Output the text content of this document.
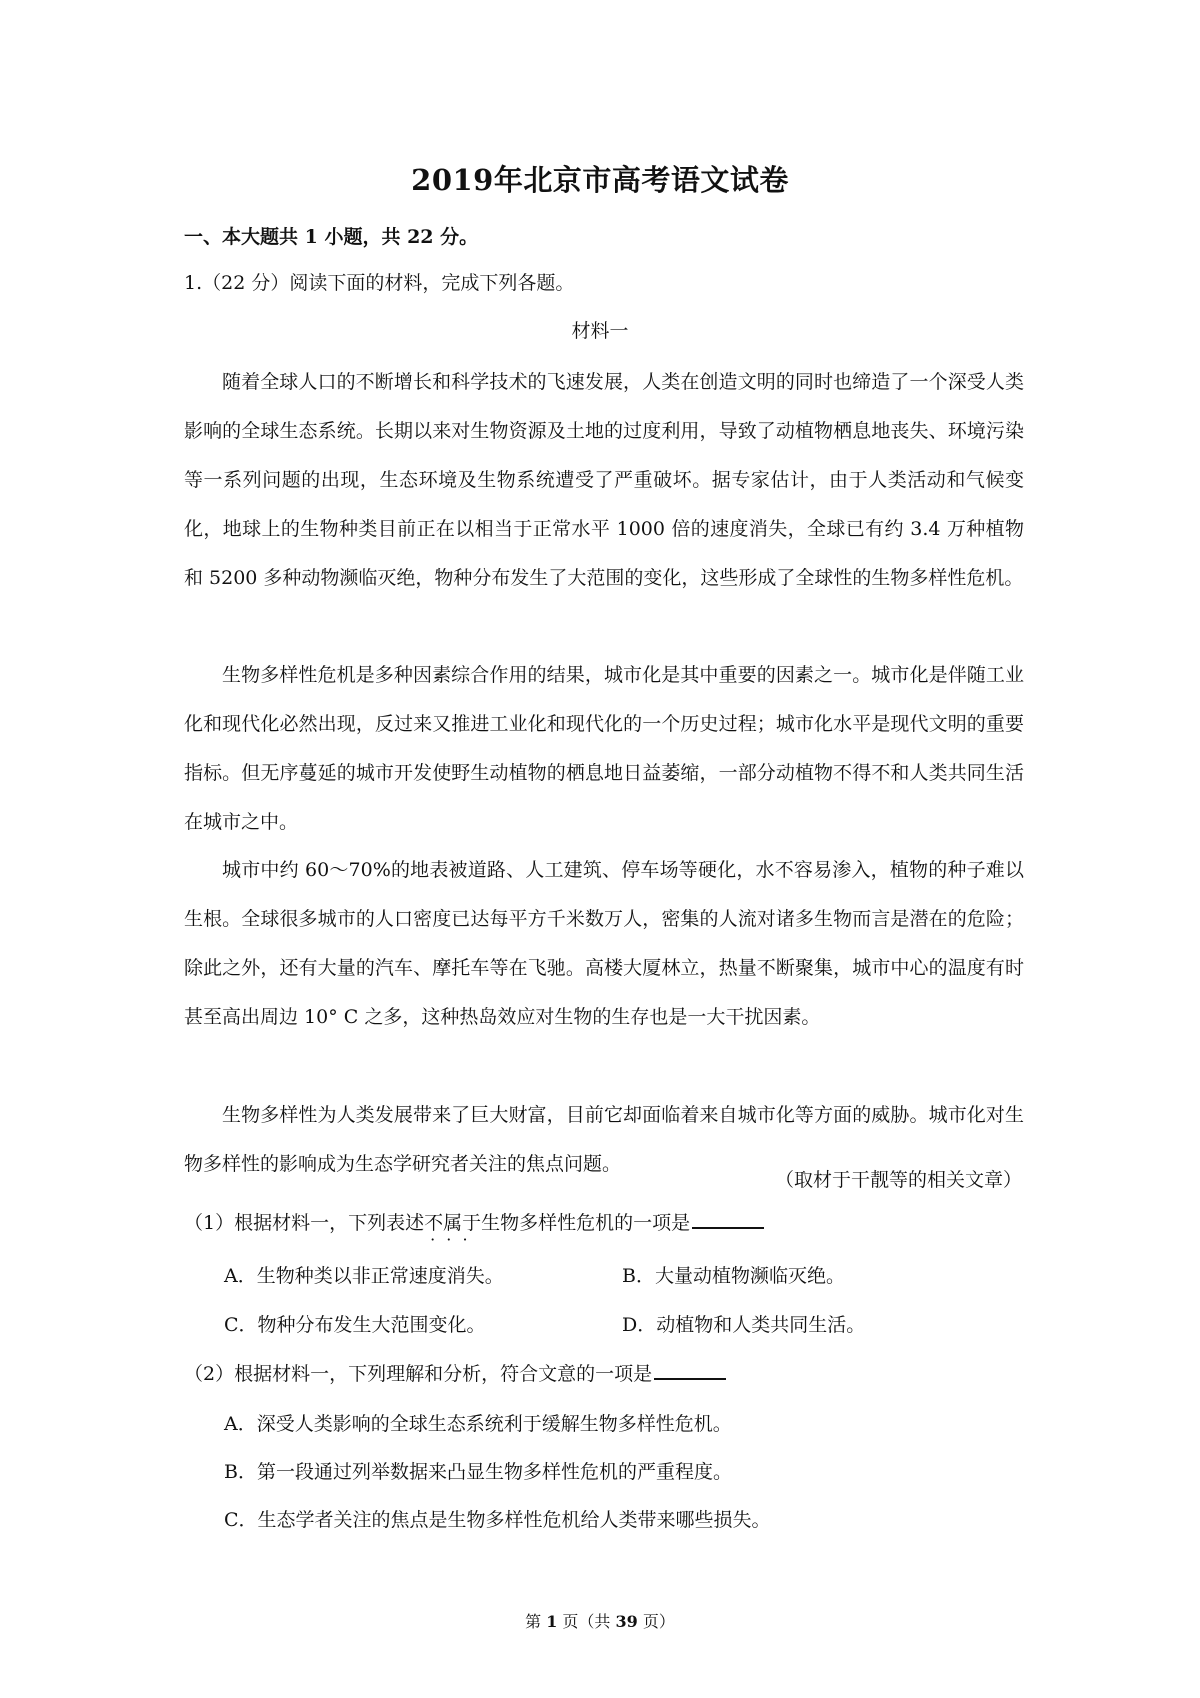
2019年北京市高考语文试卷
一、本大题共 1 小题，共 22 分。
1.（22 分）阅读下面的材料，完成下列各题。
材料一

随着全球人口的不断增长和科学技术的飞速发展，人类在创造文明的同时也缔造了一个深受人类影响的全球生态系统。长期以来对生物资源及土地的过度利用，导致了动植物栖息地丧失、环境污染等一系列问题的出现，生态环境及生物系统遭受了严重破坏。据专家估计，由于人类活动和气候变化，地球上的生物种类目前正在以相当于正常水平 1000 倍的速度消失，全球已有约 3.4 万种植物和 5200 多种动物濒临灭绝，物种分布发生了大范围的变化，这些形成了全球性的生物多样性危机。

生物多样性危机是多种因素综合作用的结果，城市化是其中重要的因素之一。城市化是伴随工业化和现代化必然出现，反过来又推进工业化和现代化的一个历史过程；城市化水平是现代文明的重要指标。但无序蔓延的城市开发使野生动植物的栖息地日益萎缩，一部分动植物不得不和人类共同生活在城市之中。

城市中约 60～70%的地表被道路、人工建筑、停车场等硬化，水不容易渗入，植物的种子难以生根。全球很多城市的人口密度已达每平方千米数万人，密集的人流对诸多生物而言是潜在的危险；除此之外，还有大量的汽车、摩托车等在飞驰。高楼大厦林立，热量不断聚集，城市中心的温度有时甚至高出周边 10° C 之多，这种热岛效应对生物的生存也是一大干扰因素。

生物多样性为人类发展带来了巨大财富，目前它却面临着来自城市化等方面的威胁。城市化对生物多样性的影响成为生态学研究者关注的焦点问题。

（取材于干靓等的相关文章）
（1）根据材料一，下列表述不属于 · · ·生物多样性危机的一项是
A．生物种类以非正常速度消失。	B．大量动植物濒临灭绝。
C．物种分布发生大范围变化。	D．动植物和人类共同生活。
（2）根据材料一，下列理解和分析，符合文意的一项是
A．深受人类影响的全球生态系统利于缓解生物多样性危机。
B．第一段通过列举数据来凸显生物多样性危机的严重程度。
C．生态学者关注的焦点是生物多样性危机给人类带来哪些损失。
第 1 页（共 39 页）
